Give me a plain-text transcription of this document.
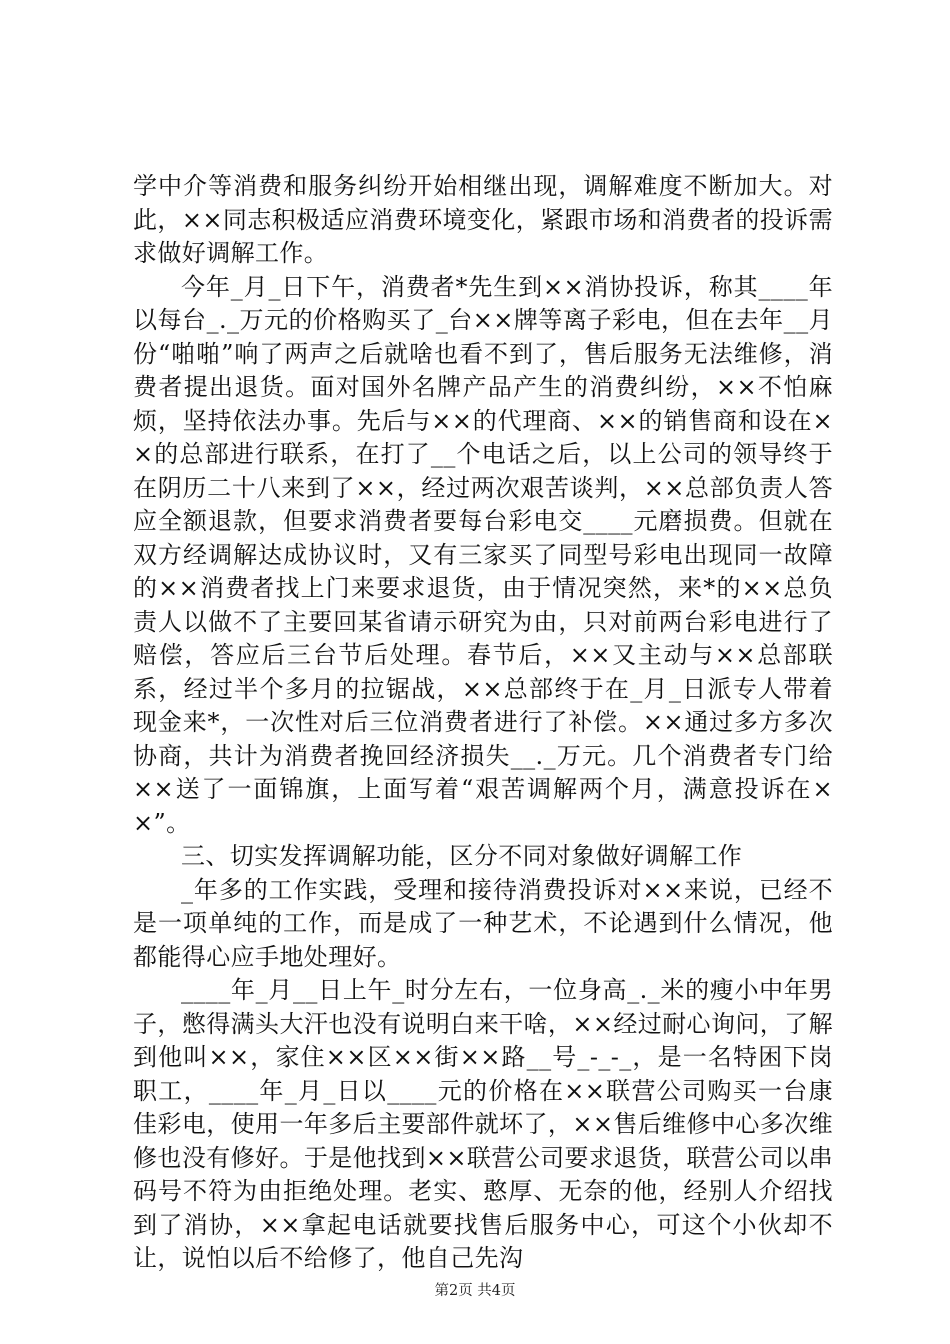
学中介等消费和服务纠纷开始相继出现，调解难度不断加大。对此，××同志积极适应消费环境变化，紧跟市场和消费者的投诉需求做好调解工作。

今年_月_日下午，消费者*先生到××消协投诉，称其____年以每台_._万元的价格购买了_台××牌等离子彩电，但在去年__月份“啪啪”响了两声之后就啥也看不到了，售后服务无法维修，消费者提出退货。面对国外名牌产品产生的消费纠纷，××不怕麻烦，坚持依法办事。先后与××的代理商、××的销售商和设在××的总部进行联系，在打了__个电话之后，以上公司的领导终于在阴历二十八来到了××，经过两次艰苦谈判，××总部负责人答应全额退款，但要求消费者要每台彩电交____元磨损费。但就在双方经调解达成协议时，又有三家买了同型号彩电出现同一故障的××消费者找上门来要求退货，由于情况突然，来*的××总负责人以做不了主要回某省请示研究为由，只对前两台彩电进行了赔偿，答应后三台节后处理。春节后，××又主动与××总部联系，经过半个多月的拉锯战，××总部终于在_月_日派专人带着现金来*，一次性对后三位消费者进行了补偿。××通过多方多次协商，共计为消费者挽回经济损失__._万元。几个消费者专门给××送了一面锦旗，上面写着“艰苦调解两个月，满意投诉在××”。

三、切实发挥调解功能，区分不同对象做好调解工作

_年多的工作实践，受理和接待消费投诉对××来说，已经不是一项单纯的工作，而是成了一种艺术，不论遇到什么情况，他都能得心应手地处理好。

____年_月__日上午_时分左右，一位身高_._米的瘦小中年男子，憋得满头大汗也没有说明白来干啥，××经过耐心询问，了解到他叫××，家住××区××街××路__号_-_-_，是一名特困下岗职工，____年_月_日以____元的价格在××联营公司购买一台康佳彩电，使用一年多后主要部件就坏了，××售后维修中心多次维修也没有修好。于是他找到××联营公司要求退货，联营公司以串码号不符为由拒绝处理。老实、憨厚、无奈的他，经别人介绍找到了消协，××拿起电话就要找售后服务中心，可这个小伙却不让，说怕以后不给修了，他自己先沟

第2页 共4页
